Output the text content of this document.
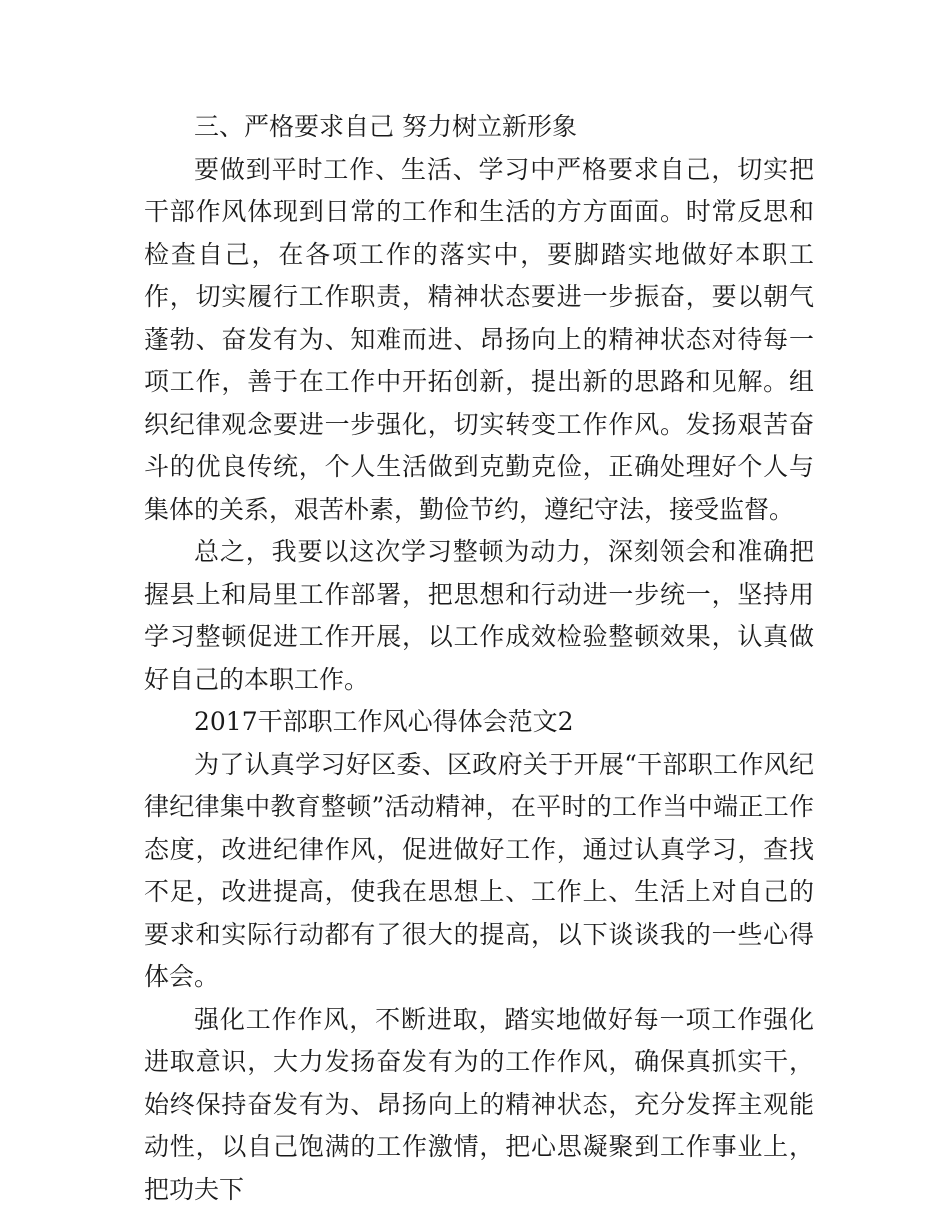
三、严格要求自己 努力树立新形象

要做到平时工作、生活、学习中严格要求自己，切实把干部作风体现到日常的工作和生活的方方面面。时常反思和检查自己，在各项工作的落实中，要脚踏实地做好本职工作，切实履行工作职责，精神状态要进一步振奋，要以朝气蓬勃、奋发有为、知难而进、昂扬向上的精神状态对待每一项工作，善于在工作中开拓创新，提出新的思路和见解。组织纪律观念要进一步强化，切实转变工作作风。发扬艰苦奋斗的优良传统，个人生活做到克勤克俭，正确处理好个人与集体的关系，艰苦朴素，勤俭节约，遵纪守法，接受监督。

总之，我要以这次学习整顿为动力，深刻领会和准确把握县上和局里工作部署，把思想和行动进一步统一，坚持用学习整顿促进工作开展，以工作成效检验整顿效果，认真做好自己的本职工作。

2017干部职工作风心得体会范文2

为了认真学习好区委、区政府关于开展“干部职工作风纪律纪律集中教育整顿”活动精神，在平时的工作当中端正工作态度，改进纪律作风，促进做好工作，通过认真学习，查找不足，改进提高，使我在思想上、工作上、生活上对自己的要求和实际行动都有了很大的提高，以下谈谈我的一些心得体会。

强化工作作风，不断进取，踏实地做好每一项工作强化进取意识，大力发扬奋发有为的工作作风，确保真抓实干，始终保持奋发有为、昂扬向上的精神状态，充分发挥主观能动性，以自己饱满的工作激情，把心思凝聚到工作事业上，把功夫下
